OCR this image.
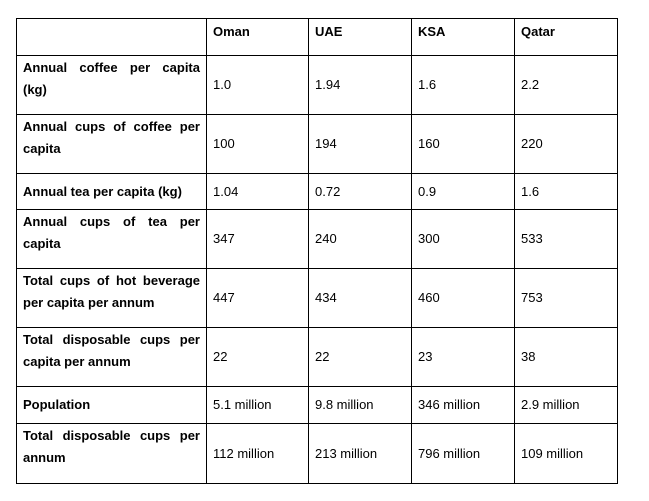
	Oman	UAE	KSA	Qatar
Annual coffee per capita (kg)	1.0	1.94	1.6	2.2
Annual cups of coffee per capita	100	194	160	220
Annual tea per capita (kg)	1.04	0.72	0.9	1.6
Annual cups of tea per capita	347	240	300	533
Total cups of hot beverage per capita per annum	447	434	460	753
Total disposable cups per capita per annum	22	22	23	38
Population	5.1 million	9.8 million	346 million	2.9 million
Total disposable cups per annum	112 million	213 million	796 million	109 million
